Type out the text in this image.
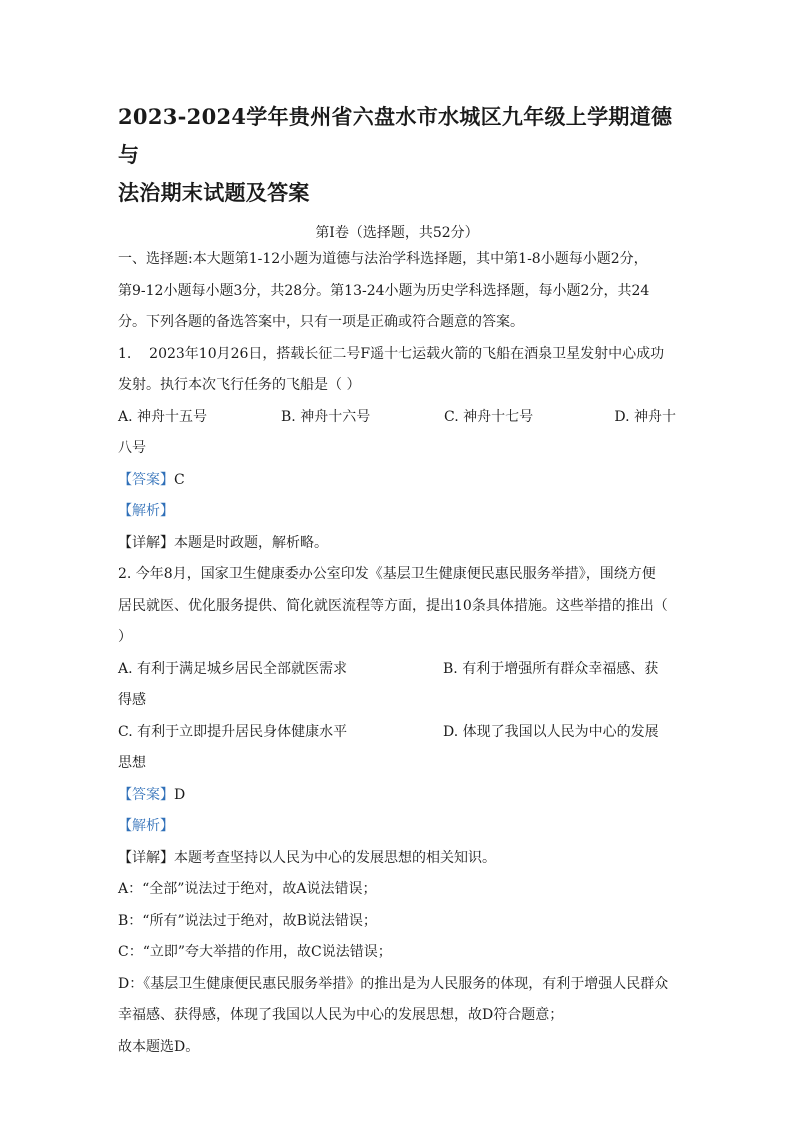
2023-2024学年贵州省六盘水市水城区九年级上学期道德与
法治期末试题及答案
第Ⅰ卷（选择题，共52分）

一、选择题:本大题第1-12小题为道德与法治学科选择题，其中第1-8小题每小题2分，

第9-12小题每小题3分，共28分。第13-24小题为历史学科选择题，每小题2分，共24

分。下列各题的备选答案中，只有一项是正确或符合题意的答案。

1.    2023年10月26日，搭载长征二号F遥十七运载火箭的飞船在酒泉卫星发射中心成功

发射。执行本次飞行任务的飞船是（ ）

A. 神舟十五号	B. 神舟十六号	C. 神舟十七号	D. 神舟十

八号

【答案】C

【解析】

【详解】本题是时政题，解析略。

2. 今年8月，国家卫生健康委办公室印发《基层卫生健康便民惠民服务举措》，围绕方便

居民就医、优化服务提供、简化就医流程等方面，提出10条具体措施。这些举措的推出（

）

A. 有利于满足城乡居民全部就医需求	B. 有利于增强所有群众幸福感、获

得感

C. 有利于立即提升居民身体健康水平	D. 体现了我国以人民为中心的发展

思想

【答案】D

【解析】

【详解】本题考查坚持以人民为中心的发展思想的相关知识。

A：“全部”说法过于绝对，故A说法错误；

B：“所有”说法过于绝对，故B说法错误；

C：“立即”夸大举措的作用，故C说法错误；

D：《基层卫生健康便民惠民服务举措》的推出是为人民服务的体现，有利于增强人民群众

幸福感、获得感，体现了我国以人民为中心的发展思想，故D符合题意；

故本题选D。
